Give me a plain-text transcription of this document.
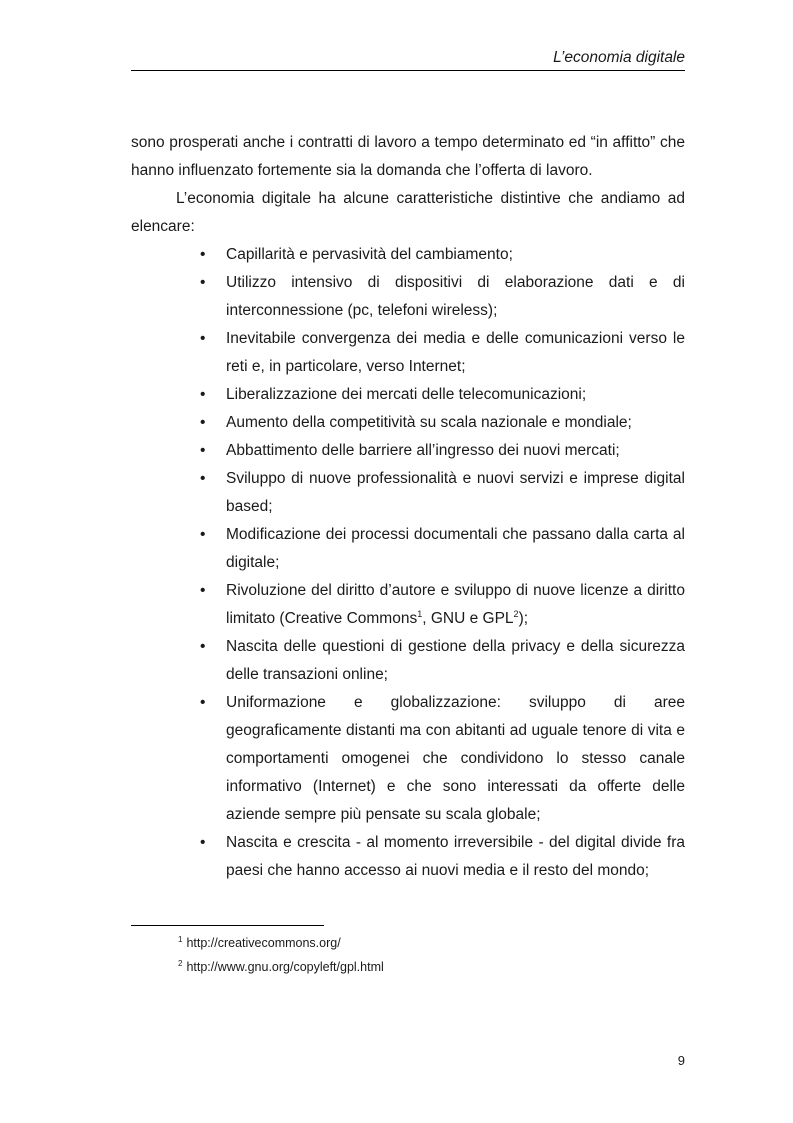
L’economia digitale

sono prosperati anche i contratti di lavoro a tempo determinato ed “in affitto” che hanno influenzato fortemente sia la domanda che l’offerta di lavoro.

L’economia digitale ha alcune caratteristiche distintive che andiamo ad elencare:

• Capillarità e pervasività del cambiamento;
• Utilizzo intensivo di dispositivi di elaborazione dati e di interconnessione (pc, telefoni wireless);
• Inevitabile convergenza dei media e delle comunicazioni verso le reti e, in particolare, verso Internet;
• Liberalizzazione dei mercati delle telecomunicazioni;
• Aumento della competitività su scala nazionale e mondiale;
• Abbattimento delle barriere all’ingresso dei nuovi mercati;
• Sviluppo di nuove professionalità e nuovi servizi e imprese digital based;
• Modificazione dei processi documentali che passano dalla carta al digitale;
• Rivoluzione del diritto d’autore e sviluppo di nuove licenze a diritto limitato (Creative Commons$^1$, GNU e GPL$^2$);
• Nascita delle questioni di gestione della privacy e della sicurezza delle transazioni online;
• Uniformazione e globalizzazione: sviluppo di aree geograficamente distanti ma con abitanti ad uguale tenore di vita e comportamenti omogenei che condividono lo stesso canale informativo (Internet) e che sono interessati da offerte delle aziende sempre più pensate su scala globale;
• Nascita e crescita - al momento irreversibile - del digital divide fra paesi che hanno accesso ai nuovi media e il resto del mondo;
$^1$ http://creativecommons.org/
$^2$ http://www.gnu.org/copyleft/gpl.html
9
